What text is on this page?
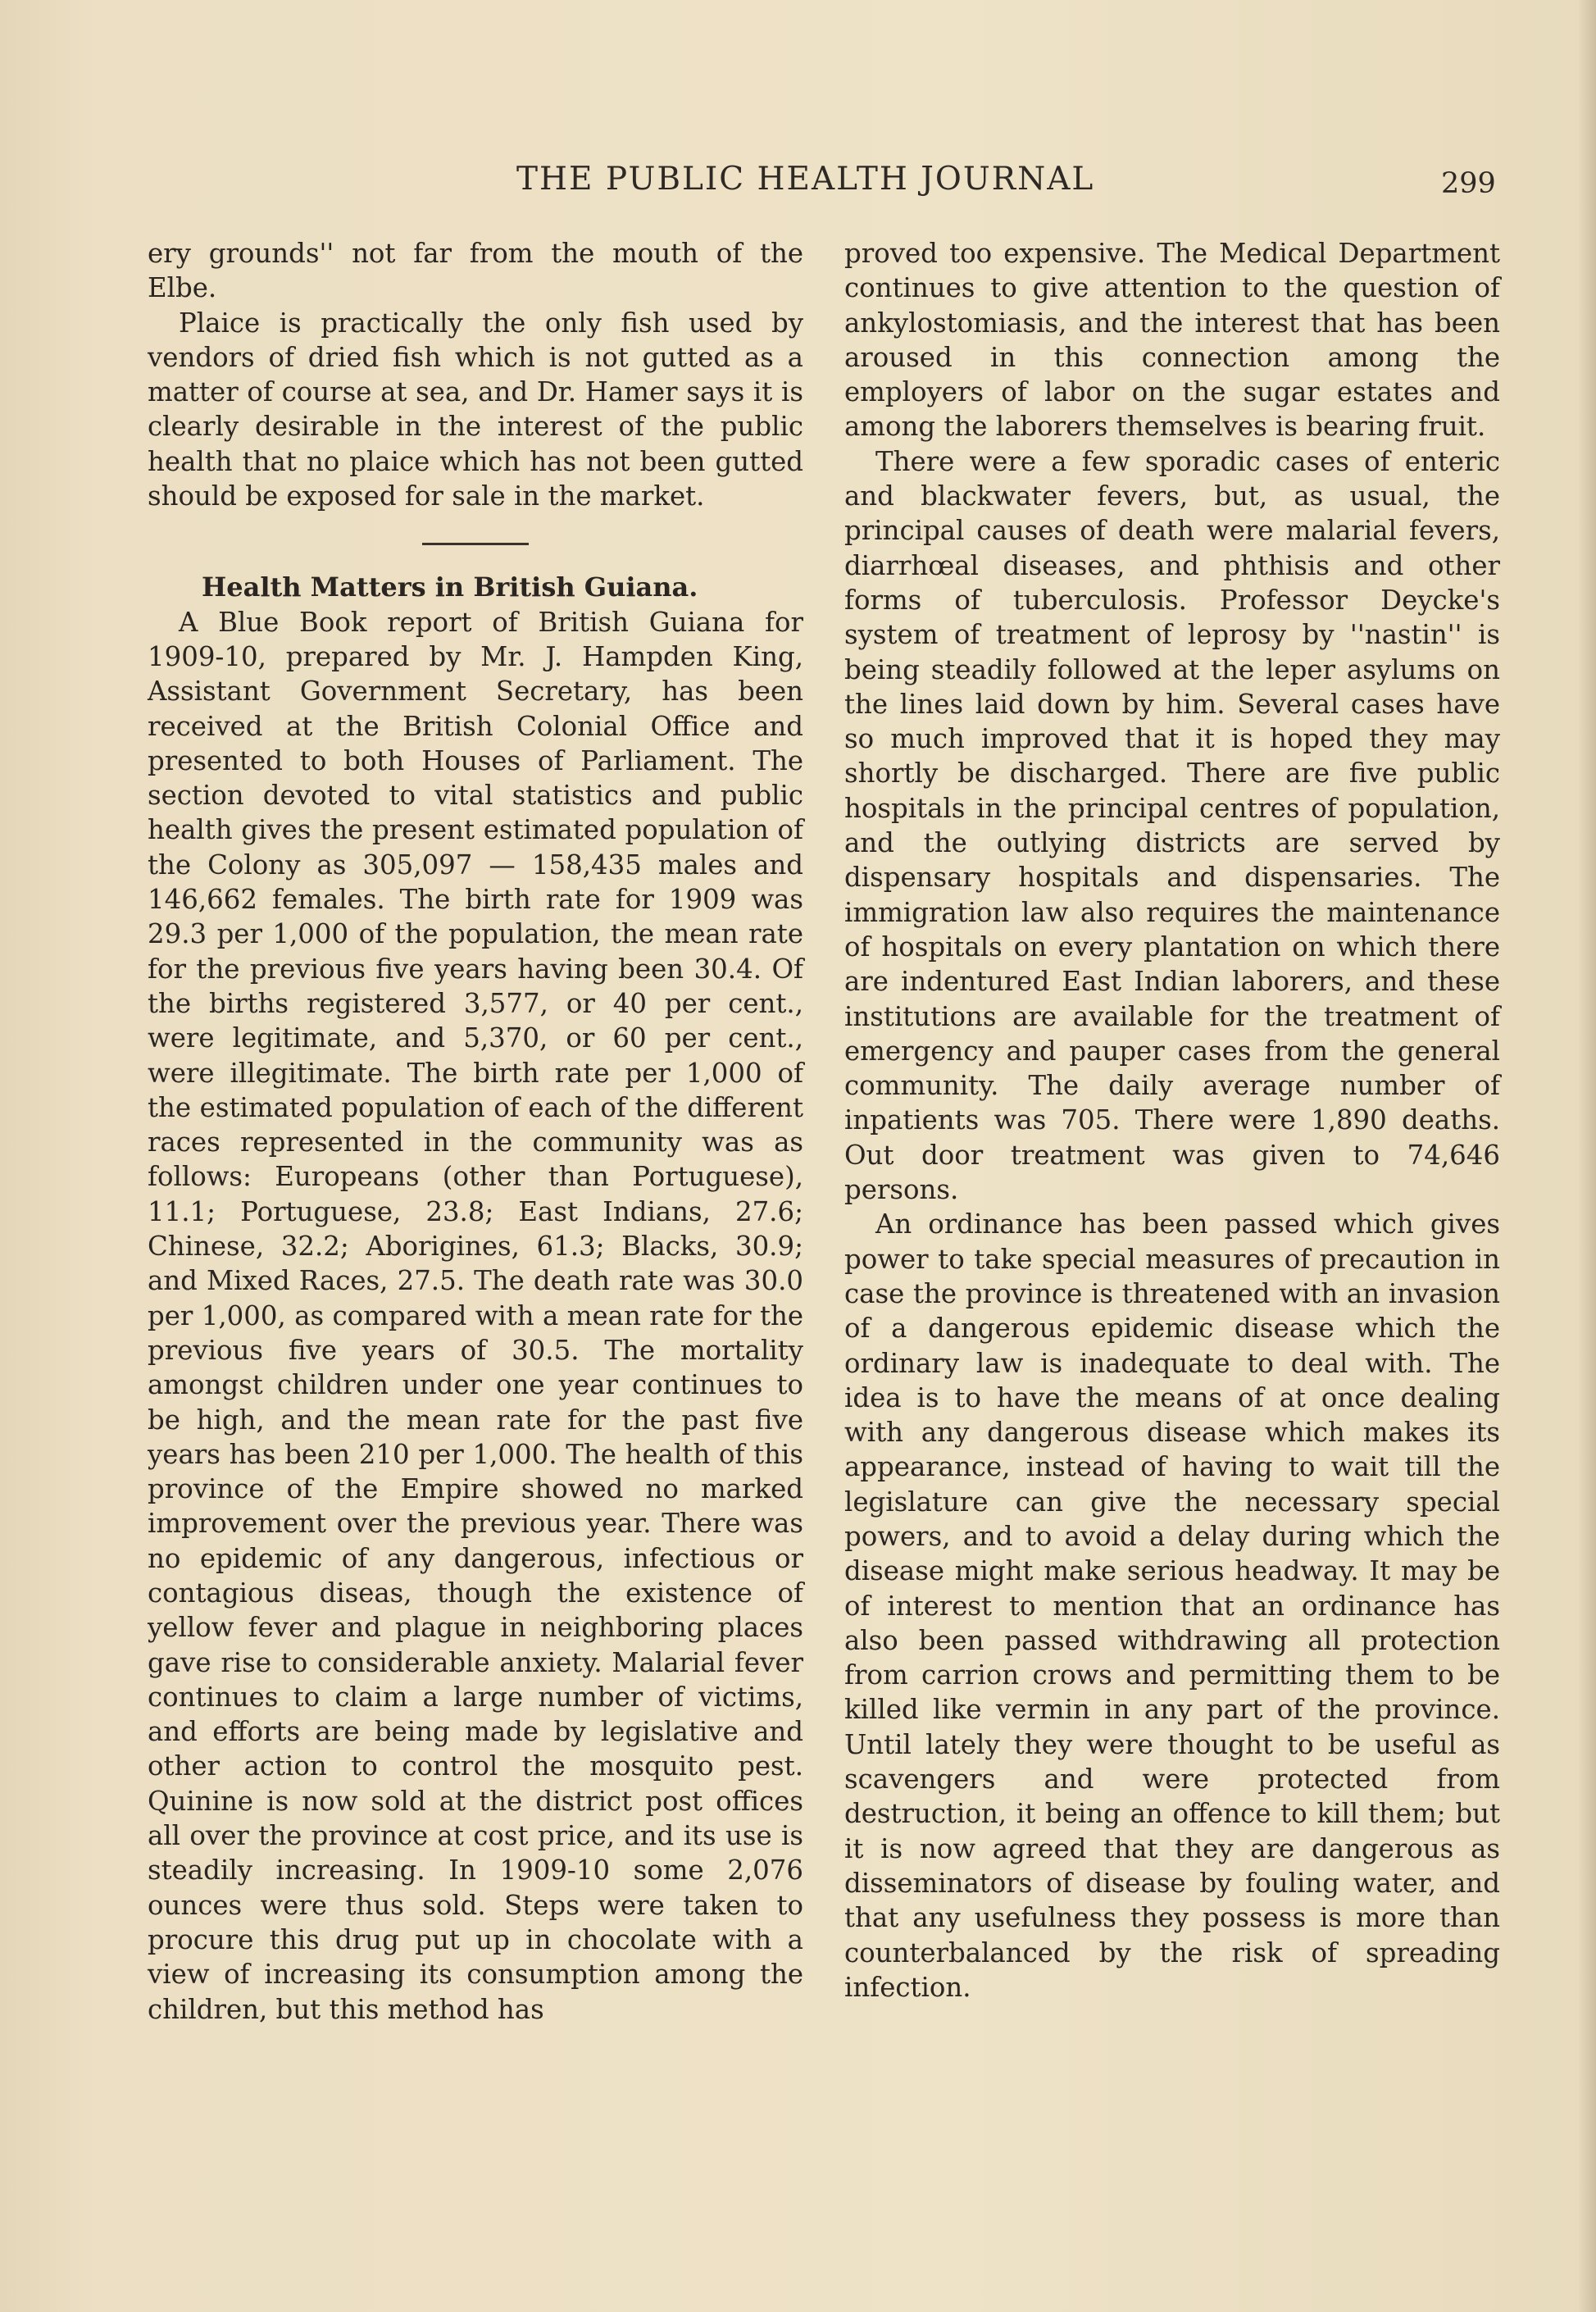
THE PUBLIC HEALTH JOURNAL	299

ery grounds'' not far from the mouth of the Elbe.

Plaice is practically the only fish used by vendors of dried fish which is not gutted as a matter of course at sea, and Dr. Hamer says it is clearly desirable in the interest of the public health that no plaice which has not been gutted should be exposed for sale in the market.

Health Matters in British Guiana.

A Blue Book report of British Guiana for 1909-10, prepared by Mr. J. Hampden King, Assistant Government Secretary, has been received at the British Colonial Office and presented to both Houses of Parliament. The section devoted to vital statistics and public health gives the present estimated population of the Colony as 305,097 — 158,435 males and 146,662 females. The birth rate for 1909 was 29.3 per 1,000 of the population, the mean rate for the previous five years having been 30.4. Of the births registered 3,577, or 40 per cent., were legitimate, and 5,370, or 60 per cent., were illegitimate. The birth rate per 1,000 of the estimated population of each of the different races represented in the community was as follows: Europeans (other than Portuguese), 11.1; Portuguese, 23.8; East Indians, 27.6; Chinese, 32.2; Aborigines, 61.3; Blacks, 30.9; and Mixed Races, 27.5. The death rate was 30.0 per 1,000, as compared with a mean rate for the previous five years of 30.5. The mortality amongst children under one year continues to be high, and the mean rate for the past five years has been 210 per 1,000. The health of this province of the Empire showed no marked improvement over the previous year. There was no epidemic of any dangerous, infectious or contagious diseas, though the existence of yellow fever and plague in neighboring places gave rise to considerable anxiety. Malarial fever continues to claim a large number of victims, and efforts are being made by legislative and other action to control the mosquito pest. Quinine is now sold at the district post offices all over the province at cost price, and its use is steadily increasing. In 1909-10 some 2,076 ounces were thus sold. Steps were taken to procure this drug put up in chocolate with a view of increasing its consumption among the children, but this method has

proved too expensive. The Medical Department continues to give attention to the question of ankylostomiasis, and the interest that has been aroused in this connection among the employers of labor on the sugar estates and among the laborers themselves is bearing fruit.

There were a few sporadic cases of enteric and blackwater fevers, but, as usual, the principal causes of death were malarial fevers, diarrhœal diseases, and phthisis and other forms of tuberculosis. Professor Deycke's system of treatment of leprosy by ''nastin'' is being steadily followed at the leper asylums on the lines laid down by him. Several cases have so much improved that it is hoped they may shortly be discharged. There are five public hospitals in the principal centres of population, and the outlying districts are served by dispensary hospitals and dispensaries. The immigration law also requires the maintenance of hospitals on every plantation on which there are indentured East Indian laborers, and these institutions are available for the treatment of emergency and pauper cases from the general community. The daily average number of inpatients was 705. There were 1,890 deaths. Out door treatment was given to 74,646 persons.

An ordinance has been passed which gives power to take special measures of precaution in case the province is threatened with an invasion of a dangerous epidemic disease which the ordinary law is inadequate to deal with. The idea is to have the means of at once dealing with any dangerous disease which makes its appearance, instead of having to wait till the legislature can give the necessary special powers, and to avoid a delay during which the disease might make serious headway. It may be of interest to mention that an ordinance has also been passed withdrawing all protection from carrion crows and permitting them to be killed like vermin in any part of the province. Until lately they were thought to be useful as scavengers and were protected from destruction, it being an offence to kill them; but it is now agreed that they are dangerous as disseminators of disease by fouling water, and that any usefulness they possess is more than counterbalanced by the risk of spreading infection.
